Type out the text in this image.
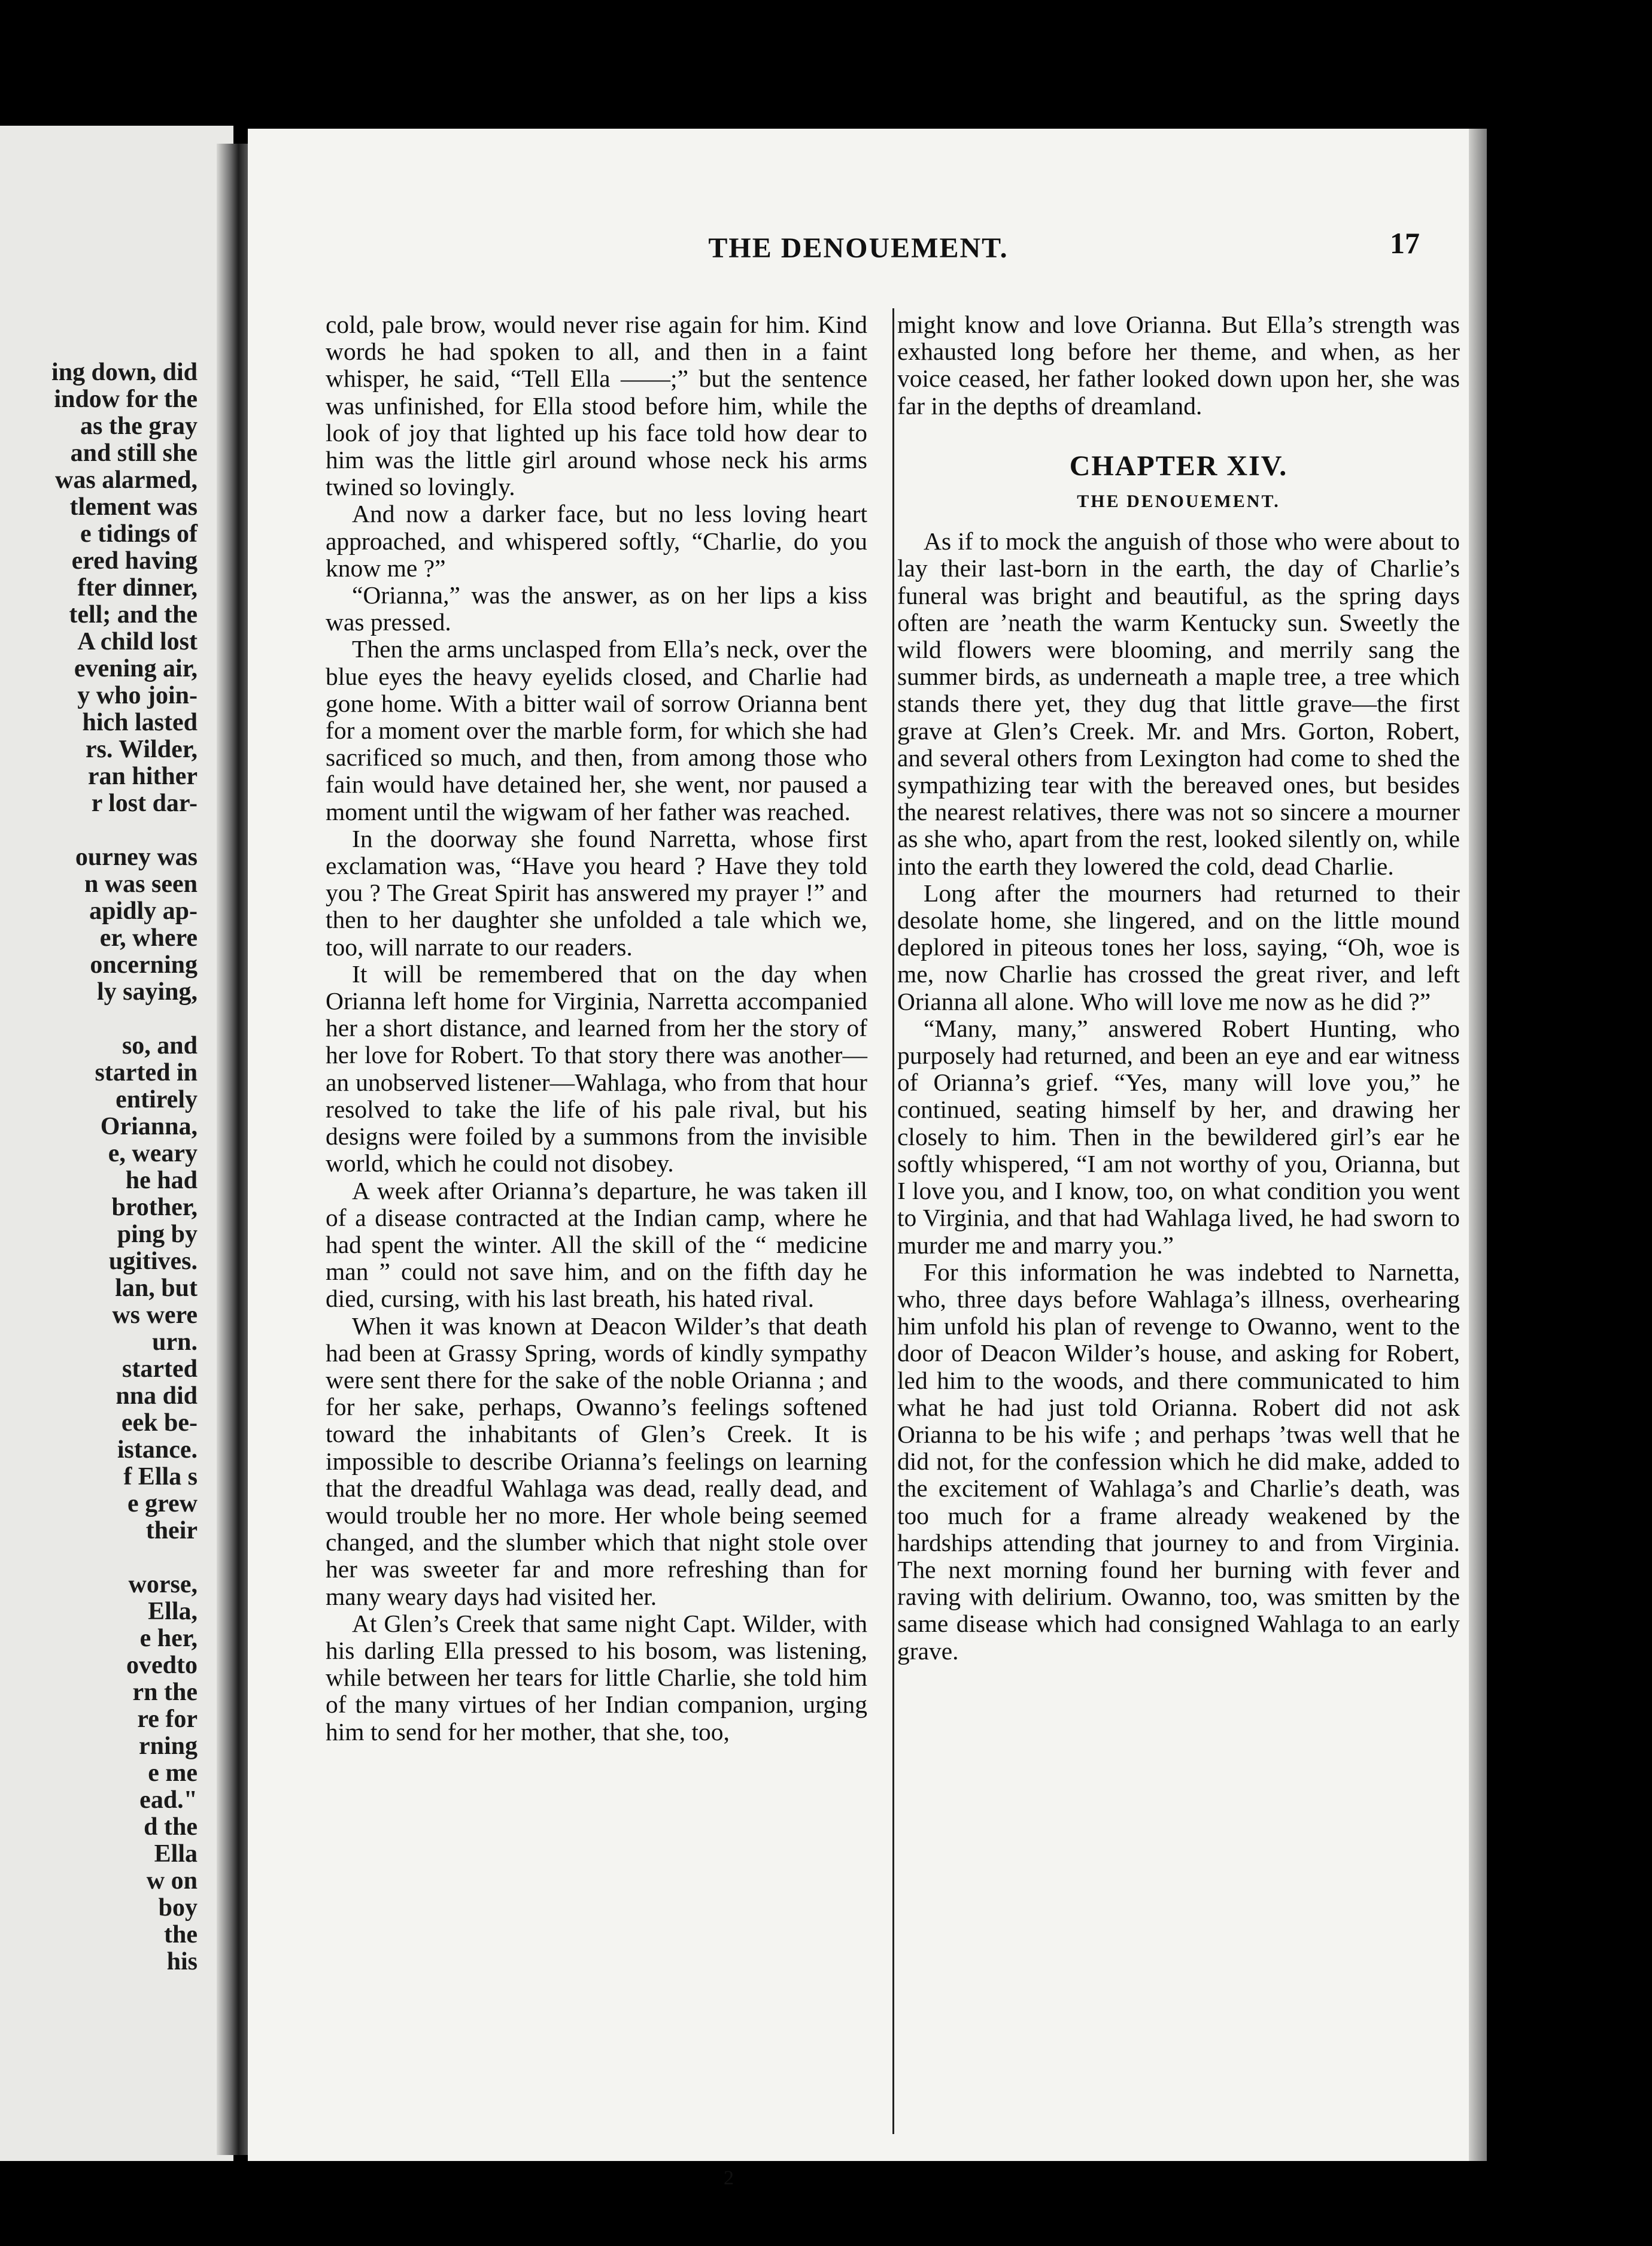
ing down, did
indow for the
as the gray
and still she
was alarmed,
tlement was
e tidings of
ered having
fter dinner,
tell; and the
A child lost
evening air,
y who join-
hich lasted
rs. Wilder,
ran hither
r lost dar-
ourney was
n was seen
apidly ap-
er, where
oncerning
ly saying,
so, and
started in
entirely
Orianna,
e, weary
he had
brother,
ping by
ugitives.
lan, but
ws were
urn.
started
nna did
eek be-
istance.
f Ella s
e grew
their
worse,
Ella,
e her,
ovedto
rn the
re for
rning
e me
ead."
d the
Ella
w on
boy
the
his
THE DENOUEMENT.	17

cold, pale brow, would never rise again for him. Kind words he had spoken to all, and then in a faint whisper, he said, “Tell Ella ——;” but the sentence was unfinished, for Ella stood before him, while the look of joy that lighted up his face told how dear to him was the little girl around whose neck his arms twined so lovingly.

And now a darker face, but no less loving heart approached, and whispered softly, “Charlie, do you know me ?”

“Orianna,” was the answer, as on her lips a kiss was pressed.

Then the arms unclasped from Ella’s neck, over the blue eyes the heavy eyelids closed, and Charlie had gone home. With a bitter wail of sorrow Orianna bent for a moment over the marble form, for which she had sacrificed so much, and then, from among those who fain would have detained her, she went, nor paused a moment until the wigwam of her father was reached.

In the doorway she found Narretta, whose first exclamation was, “Have you heard ? Have they told you ? The Great Spirit has answered my prayer !” and then to her daughter she unfolded a tale which we, too, will narrate to our readers.

It will be remembered that on the day when Orianna left home for Virginia, Narretta accompanied her a short distance, and learned from her the story of her love for Robert. To that story there was another—an unobserved listener—Wahlaga, who from that hour resolved to take the life of his pale rival, but his designs were foiled by a summons from the invisible world, which he could not disobey.

A week after Orianna’s departure, he was taken ill of a disease contracted at the Indian camp, where he had spent the winter. All the skill of the “ medicine man ” could not save him, and on the fifth day he died, cursing, with his last breath, his hated rival.

When it was known at Deacon Wilder’s that death had been at Grassy Spring, words of kindly sympathy were sent there for the sake of the noble Orianna ; and for her sake, perhaps, Owanno’s feelings softened toward the inhabitants of Glen’s Creek. It is impossible to describe Orianna’s feelings on learning that the dreadful Wahlaga was dead, really dead, and would trouble her no more. Her whole being seemed changed, and the slumber which that night stole over her was sweeter far and more refreshing than for many weary days had visited her.

At Glen’s Creek that same night Capt. Wilder, with his darling Ella pressed to his bosom, was listening, while between her tears for little Charlie, she told him of the many virtues of her Indian companion, urging him to send for her mother, that she, too,

might know and love Orianna. But Ella’s strength was exhausted long before her theme, and when, as her voice ceased, her father looked down upon her, she was far in the depths of dreamland.

CHAPTER XIV.
THE DENOUEMENT.

As if to mock the anguish of those who were about to lay their last-born in the earth, the day of Charlie’s funeral was bright and beautiful, as the spring days often are ’neath the warm Kentucky sun. Sweetly the wild flowers were blooming, and merrily sang the summer birds, as underneath a maple tree, a tree which stands there yet, they dug that little grave—the first grave at Glen’s Creek. Mr. and Mrs. Gorton, Robert, and several others from Lexington had come to shed the sympathizing tear with the bereaved ones, but besides the nearest relatives, there was not so sincere a mourner as she who, apart from the rest, looked silently on, while into the earth they lowered the cold, dead Charlie.

Long after the mourners had returned to their desolate home, she lingered, and on the little mound deplored in piteous tones her loss, saying, “Oh, woe is me, now Charlie has crossed the great river, and left Orianna all alone. Who will love me now as he did ?”

“Many, many,” answered Robert Hunting, who purposely had returned, and been an eye and ear witness of Orianna’s grief. “Yes, many will love you,” he continued, seating himself by her, and drawing her closely to him. Then in the bewildered girl’s ear he softly whispered, “I am not worthy of you, Orianna, but I love you, and I know, too, on what condition you went to Virginia, and that had Wahlaga lived, he had sworn to murder me and marry you.”

For this information he was indebted to Narnetta, who, three days before Wahlaga’s illness, overhearing him unfold his plan of revenge to Owanno, went to the door of Deacon Wilder’s house, and asking for Robert, led him to the woods, and there communicated to him what he had just told Orianna. Robert did not ask Orianna to be his wife ; and perhaps ’twas well that he did not, for the confession which he did make, added to the excitement of Wahlaga’s and Charlie’s death, was too much for a frame already weakened by the hardships attending that journey to and from Virginia. The next morning found her burning with fever and raving with delirium. Owanno, too, was smitten by the same disease which had consigned Wahlaga to an early grave.

2
